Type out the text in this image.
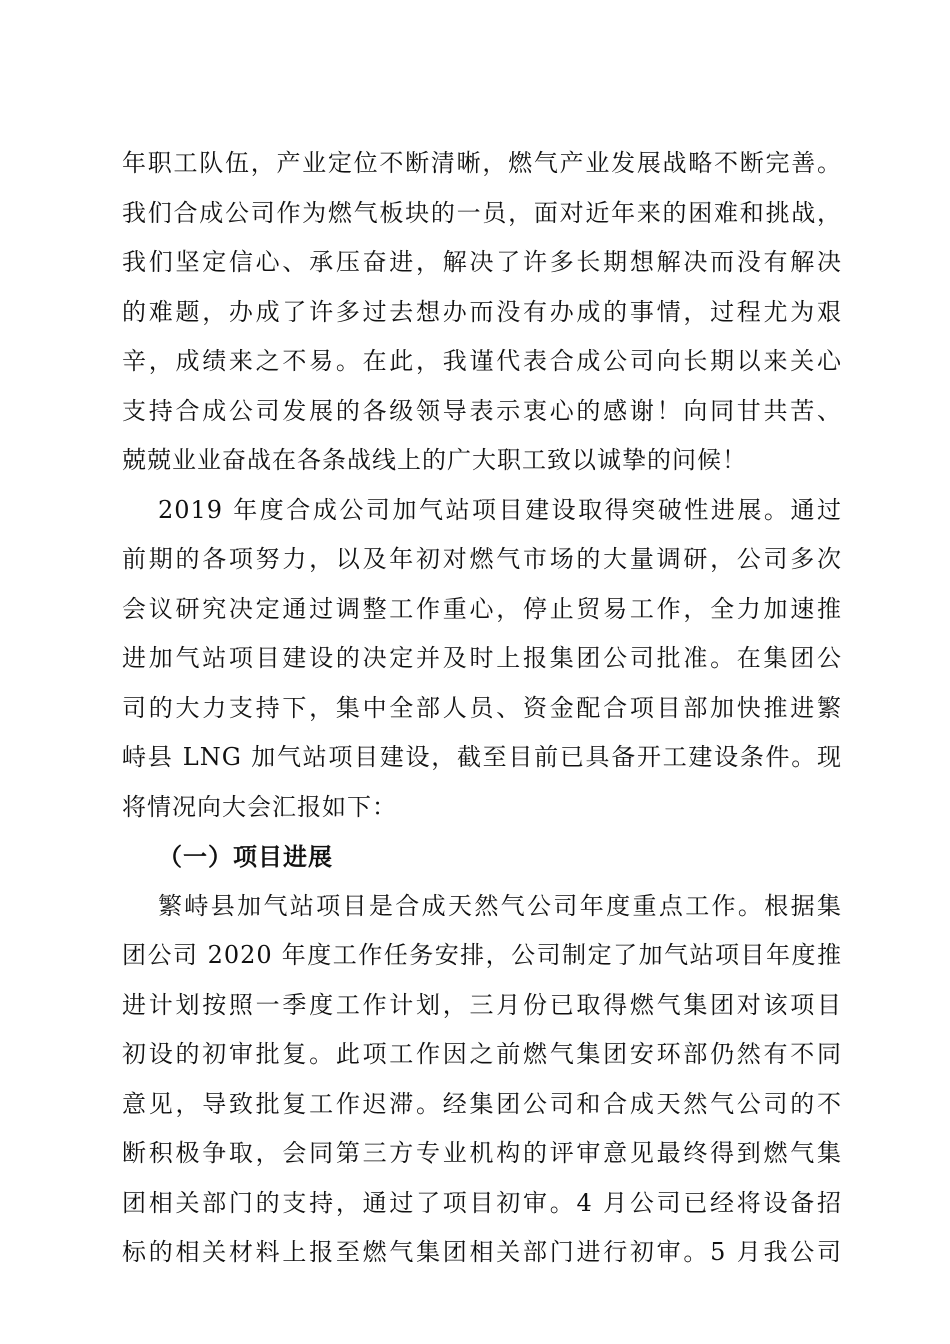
年职工队伍，产业定位不断清晰，燃气产业发展战略不断完善。
我们合成公司作为燃气板块的一员，面对近年来的困难和挑战，
我们坚定信心、承压奋进，解决了许多长期想解决而没有解决
的难题，办成了许多过去想办而没有办成的事情，过程尤为艰
辛，成绩来之不易。在此，我谨代表合成公司向长期以来关心
支持合成公司发展的各级领导表示衷心的感谢！向同甘共苦、
兢兢业业奋战在各条战线上的广大职工致以诚挚的问候！
2019 年度合成公司加气站项目建设取得突破性进展。通过
前期的各项努力，以及年初对燃气市场的大量调研，公司多次
会议研究决定通过调整工作重心，停止贸易工作，全力加速推
进加气站项目建设的决定并及时上报集团公司批准。在集团公
司的大力支持下，集中全部人员、资金配合项目部加快推进繁
峙县 LNG 加气站项目建设，截至目前已具备开工建设条件。现
将情况向大会汇报如下：
（一）项目进展
繁峙县加气站项目是合成天然气公司年度重点工作。根据集
团公司 2020 年度工作任务安排，公司制定了加气站项目年度推
进计划按照一季度工作计划，三月份已取得燃气集团对该项目
初设的初审批复。此项工作因之前燃气集团安环部仍然有不同
意见，导致批复工作迟滞。经集团公司和合成天然气公司的不
断积极争取，会同第三方专业机构的评审意见最终得到燃气集
团相关部门的支持，通过了项目初审。4 月公司已经将设备招
标的相关材料上报至燃气集团相关部门进行初审。5 月我公司
